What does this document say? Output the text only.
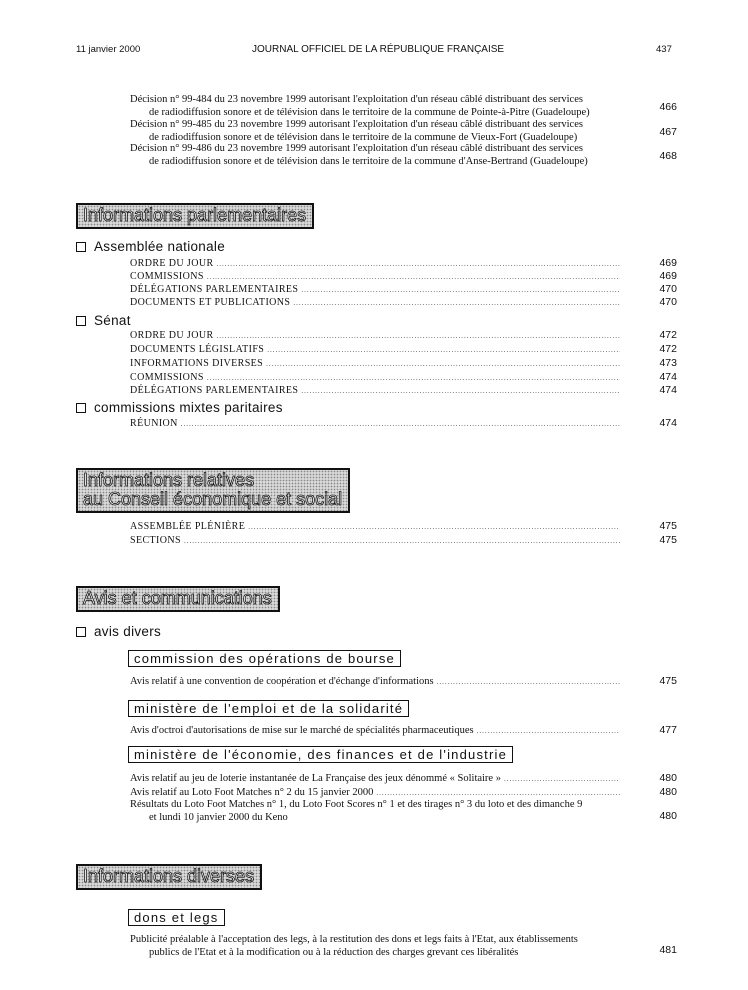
11 janvier 2000	JOURNAL OFFICIEL DE LA RÉPUBLIQUE FRANÇAISE	437
Décision n° 99-484 du 23 novembre 1999 autorisant l'exploitation d'un réseau câblé distribuant des services
de radiodiffusion sonore et de télévision dans le territoire de la commune de Pointe-à-Pitre (Guadeloupe)	466
Décision n° 99-485 du 23 novembre 1999 autorisant l'exploitation d'un réseau câblé distribuant des services
de radiodiffusion sonore et de télévision dans le territoire de la commune de Vieux-Fort (Guadeloupe)	467
Décision n° 99-486 du 23 novembre 1999 autorisant l'exploitation d'un réseau câblé distribuant des services
de radiodiffusion sonore et de télévision dans le territoire de la commune d'Anse-Bertrand (Guadeloupe)	468
Informations parlementaires
Assemblée nationale
ORDRE DU JOUR .....	469
COMMISSIONS .....	469
DÉLÉGATIONS PARLEMENTAIRES .....	470
DOCUMENTS ET PUBLICATIONS .....	470
Sénat
ORDRE DU JOUR .....	472
DOCUMENTS LÉGISLATIFS .....	472
INFORMATIONS DIVERSES .....	473
COMMISSIONS .....	474
DÉLÉGATIONS PARLEMENTAIRES .....	474
commissions mixtes paritaires
RÉUNION .....	474
Informations relatives
au Conseil économique et social
ASSEMBLÉE PLÉNIÈRE .....	475
SECTIONS .....	475
Avis et communications
avis divers
commission des opérations de bourse
Avis relatif à une convention de coopération et d'échange d'informations .....	475
ministère de l'emploi et de la solidarité
Avis d'octroi d'autorisations de mise sur le marché de spécialités pharmaceutiques .....	477
ministère de l'économie, des finances et de l'industrie
Avis relatif au jeu de loterie instantanée de La Française des jeux dénommé « Solitaire » .....	480
Avis relatif au Loto Foot Matches n° 2 du 15 janvier 2000 .....	480
Résultats du Loto Foot Matches n° 1, du Loto Foot Scores n° 1 et des tirages n° 3 du loto et des dimanche 9
et lundi 10 janvier 2000 du Keno	480
Informations diverses
dons et legs
Publicité préalable à l'acceptation des legs, à la restitution des dons et legs faits à l'Etat, aux établissements
publics de l'Etat et à la modification ou à la réduction des charges grevant ces libéralités	481
